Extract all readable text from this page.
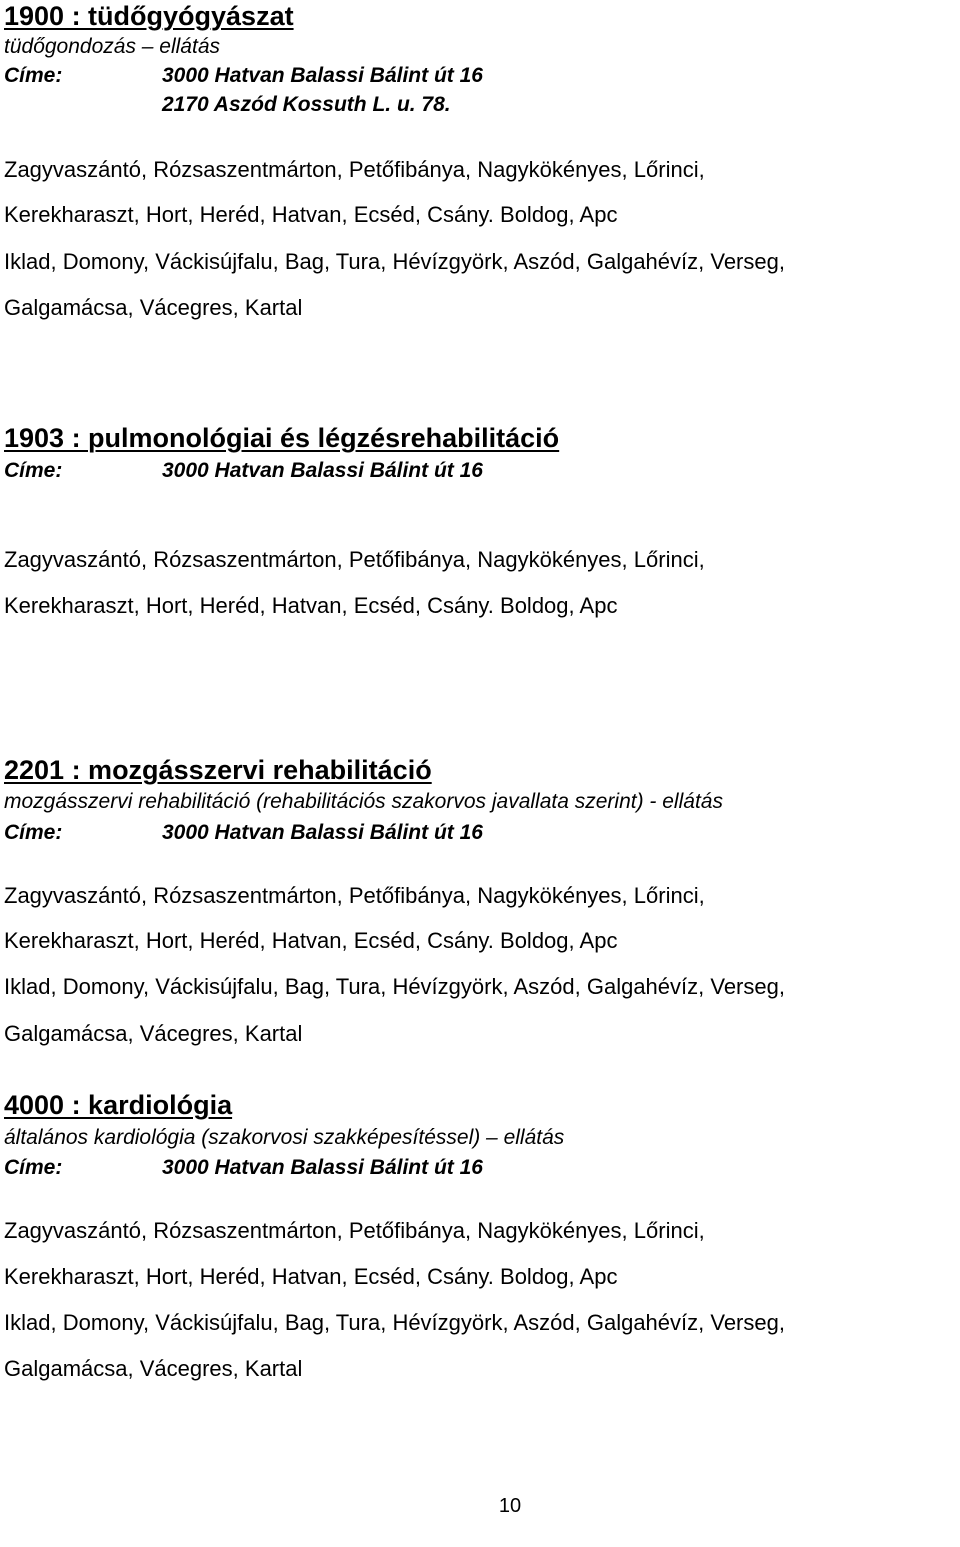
1900 : tüdőgyógyászat
tüdőgondozás – ellátás
Címe:	3000 Hatvan Balassi Bálint út 16
2170 Aszód Kossuth L. u. 78.
Zagyvaszántó, Rózsaszentmárton, Petőfibánya, Nagykökényes, Lőrinci,
Kerekharaszt, Hort, Heréd, Hatvan, Ecséd, Csány. Boldog, Apc
Iklad, Domony, Váckisújfalu, Bag, Tura, Hévízgyörk, Aszód, Galgahévíz, Verseg,
Galgamácsa, Vácegres, Kartal
1903 : pulmonológiai és légzésrehabilitáció
Címe:	3000 Hatvan Balassi Bálint út 16
Zagyvaszántó, Rózsaszentmárton, Petőfibánya, Nagykökényes, Lőrinci,
Kerekharaszt, Hort, Heréd, Hatvan, Ecséd, Csány. Boldog, Apc
2201 : mozgásszervi rehabilitáció
mozgásszervi rehabilitáció (rehabilitációs szakorvos javallata szerint) - ellátás
Címe:	3000 Hatvan Balassi Bálint út 16
Zagyvaszántó, Rózsaszentmárton, Petőfibánya, Nagykökényes, Lőrinci,
Kerekharaszt, Hort, Heréd, Hatvan, Ecséd, Csány. Boldog, Apc
Iklad, Domony, Váckisújfalu, Bag, Tura, Hévízgyörk, Aszód, Galgahévíz, Verseg,
Galgamácsa, Vácegres, Kartal
4000 : kardiológia
általános kardiológia (szakorvosi szakképesítéssel) – ellátás
Címe:	3000 Hatvan Balassi Bálint út 16
Zagyvaszántó, Rózsaszentmárton, Petőfibánya, Nagykökényes, Lőrinci,
Kerekharaszt, Hort, Heréd, Hatvan, Ecséd, Csány. Boldog, Apc
Iklad, Domony, Váckisújfalu, Bag, Tura, Hévízgyörk, Aszód, Galgahévíz, Verseg,
Galgamácsa, Vácegres, Kartal
10
